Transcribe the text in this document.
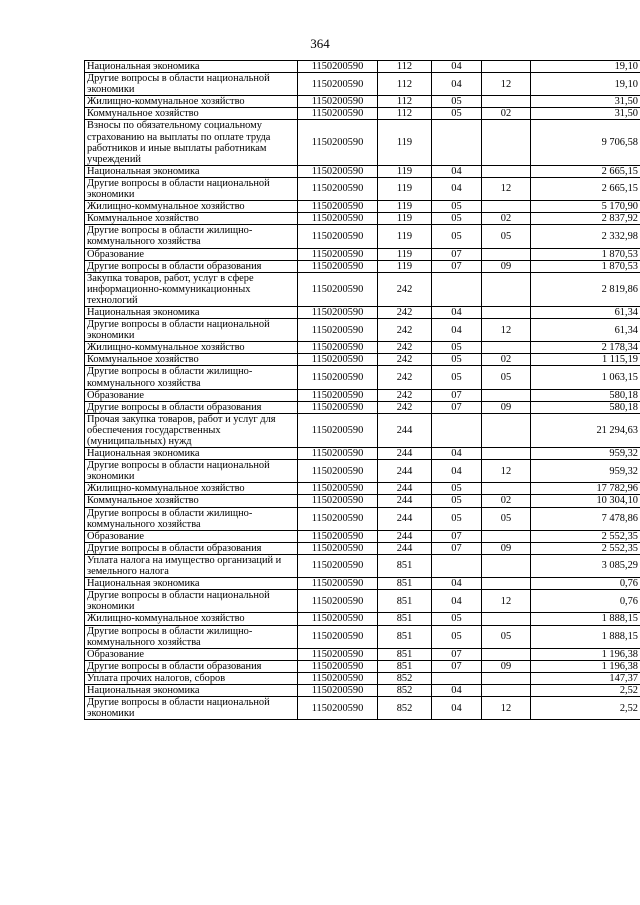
364
Национальная экономика	1150200590	112	04		19,10
Другие вопросы в области национальной экономики	1150200590	112	04	12	19,10
Жилищно-коммунальное хозяйство	1150200590	112	05		31,50
Коммунальное хозяйство	1150200590	112	05	02	31,50
Взносы по обязательному социальному страхованию на выплаты по оплате труда работников и иные выплаты работникам учреждений	1150200590	119			9 706,58
Национальная экономика	1150200590	119	04		2 665,15
Другие вопросы в области национальной экономики	1150200590	119	04	12	2 665,15
Жилищно-коммунальное хозяйство	1150200590	119	05		5 170,90
Коммунальное хозяйство	1150200590	119	05	02	2 837,92
Другие вопросы в области жилищно-коммунального хозяйства	1150200590	119	05	05	2 332,98
Образование	1150200590	119	07		1 870,53
Другие вопросы в области образования	1150200590	119	07	09	1 870,53
Закупка товаров, работ, услуг в сфере информационно-коммуникационных технологий	1150200590	242			2 819,86
Национальная экономика	1150200590	242	04		61,34
Другие вопросы в области национальной экономики	1150200590	242	04	12	61,34
Жилищно-коммунальное хозяйство	1150200590	242	05		2 178,34
Коммунальное хозяйство	1150200590	242	05	02	1 115,19
Другие вопросы в области жилищно-коммунального хозяйства	1150200590	242	05	05	1 063,15
Образование	1150200590	242	07		580,18
Другие вопросы в области образования	1150200590	242	07	09	580,18
Прочая закупка товаров, работ и услуг для обеспечения государственных (муниципальных) нужд	1150200590	244			21 294,63
Национальная экономика	1150200590	244	04		959,32
Другие вопросы в области национальной экономики	1150200590	244	04	12	959,32
Жилищно-коммунальное хозяйство	1150200590	244	05		17 782,96
Коммунальное хозяйство	1150200590	244	05	02	10 304,10
Другие вопросы в области жилищно-коммунального хозяйства	1150200590	244	05	05	7 478,86
Образование	1150200590	244	07		2 552,35
Другие вопросы в области образования	1150200590	244	07	09	2 552,35
Уплата налога на имущество организаций и земельного налога	1150200590	851			3 085,29
Национальная экономика	1150200590	851	04		0,76
Другие вопросы в области национальной экономики	1150200590	851	04	12	0,76
Жилищно-коммунальное хозяйство	1150200590	851	05		1 888,15
Другие вопросы в области жилищно-коммунального хозяйства	1150200590	851	05	05	1 888,15
Образование	1150200590	851	07		1 196,38
Другие вопросы в области образования	1150200590	851	07	09	1 196,38
Уплата прочих налогов, сборов	1150200590	852			147,37
Национальная экономика	1150200590	852	04		2,52
Другие вопросы в области национальной экономики	1150200590	852	04	12	2,52
